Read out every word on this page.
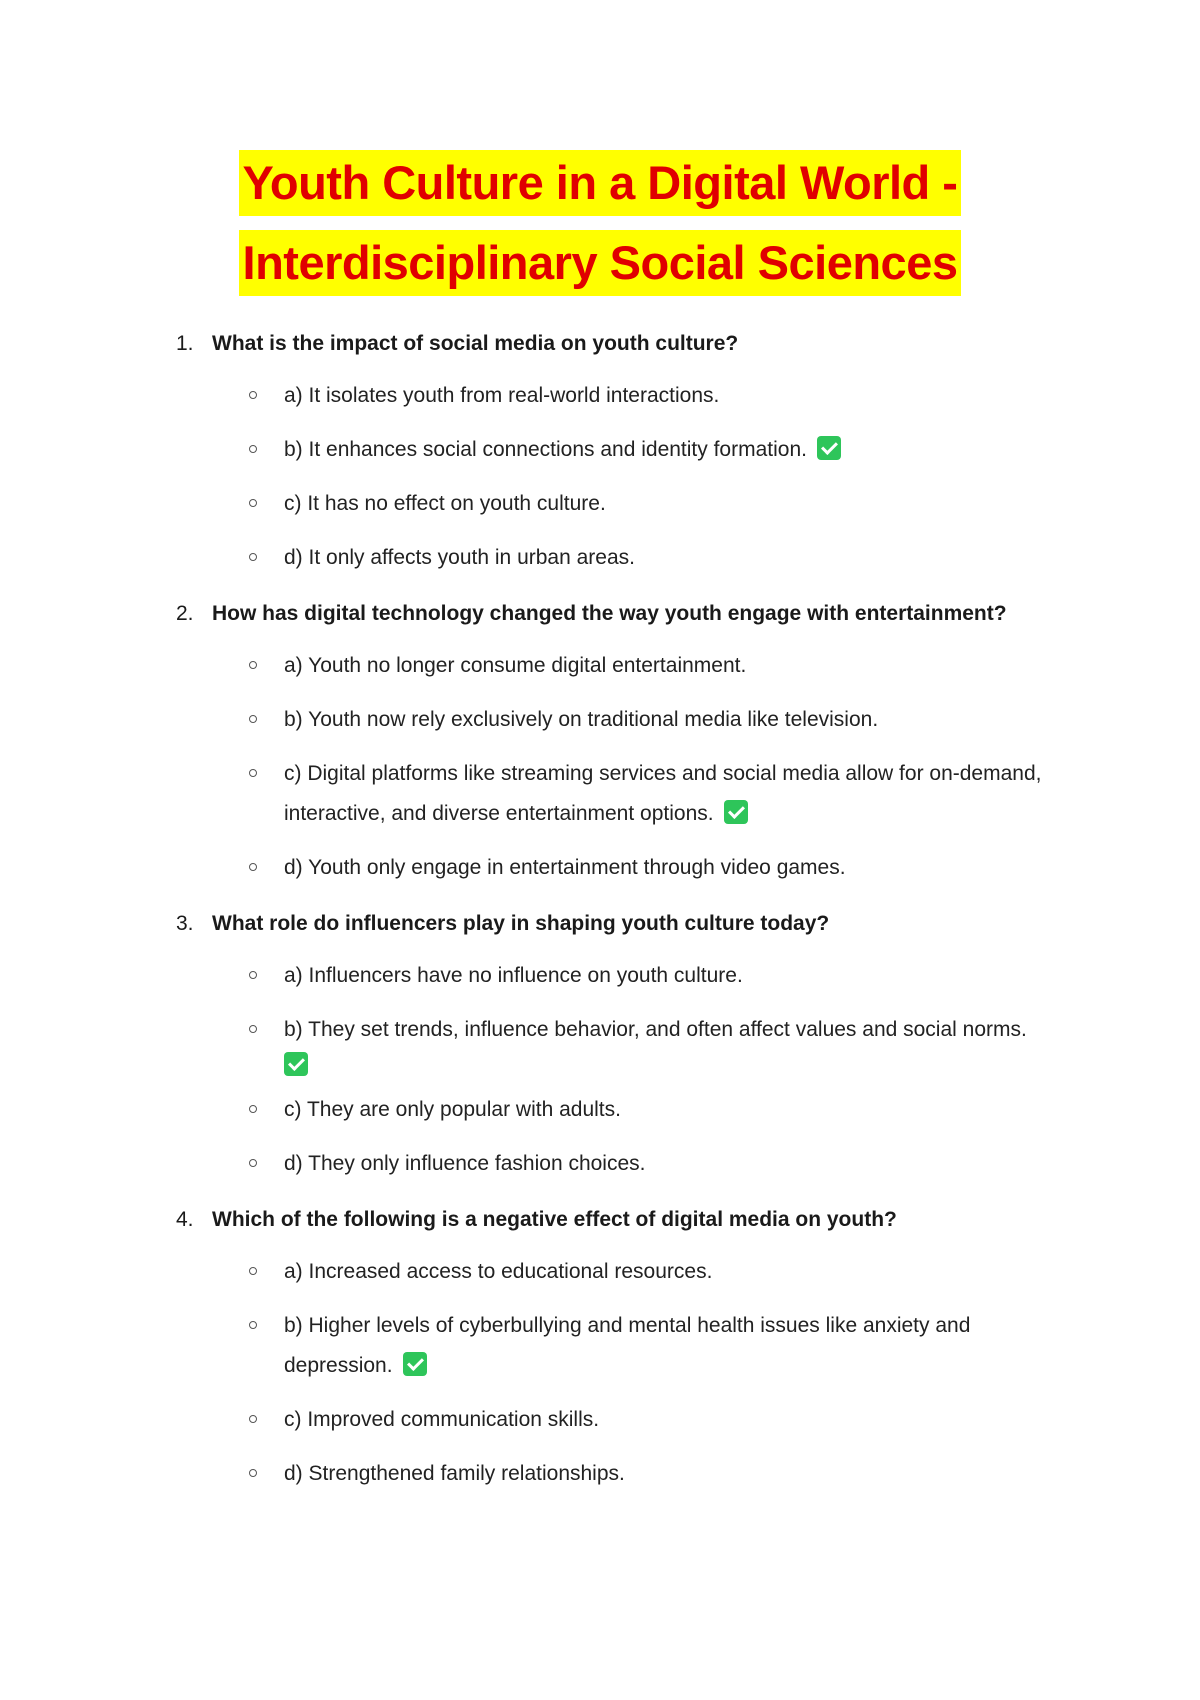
Youth Culture in a Digital World -
Interdisciplinary Social Sciences
1. What is the impact of social media on youth culture?
a) It isolates youth from real-world interactions.
b) It enhances social connections and identity formation.
c) It has no effect on youth culture.
d) It only affects youth in urban areas.
2. How has digital technology changed the way youth engage with entertainment?
a) Youth no longer consume digital entertainment.
b) Youth now rely exclusively on traditional media like television.
c) Digital platforms like streaming services and social media allow for on-demand, interactive, and diverse entertainment options.
d) Youth only engage in entertainment through video games.
3. What role do influencers play in shaping youth culture today?
a) Influencers have no influence on youth culture.
b) They set trends, influence behavior, and often affect values and social norms.
c) They are only popular with adults.
d) They only influence fashion choices.
4. Which of the following is a negative effect of digital media on youth?
a) Increased access to educational resources.
b) Higher levels of cyberbullying and mental health issues like anxiety and depression.
c) Improved communication skills.
d) Strengthened family relationships.
